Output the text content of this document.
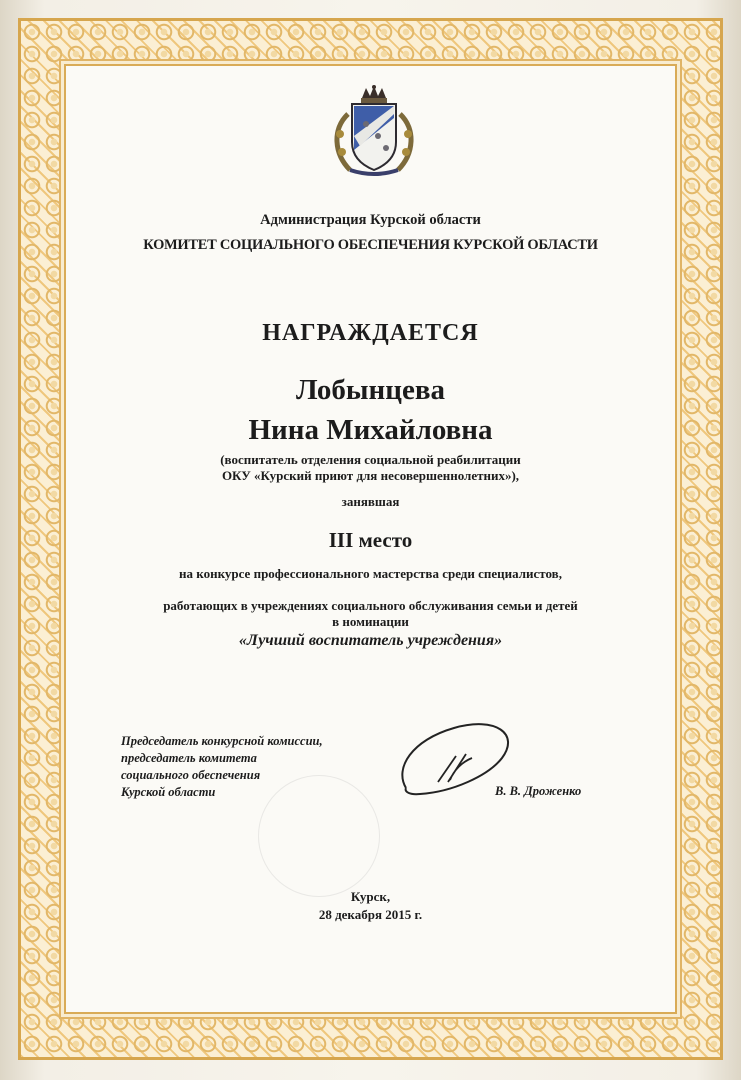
Администрация Курской области
КОМИТЕТ СОЦИАЛЬНОГО ОБЕСПЕЧЕНИЯ КУРСКОЙ ОБЛАСТИ
НАГРАЖДАЕТСЯ
Лобынцева
Нина Михайловна
(воспитатель отделения социальной реабилитации
ОКУ «Курский приют для несовершеннолетних»),
занявшая
III место
на конкурсе профессионального мастерства среди специалистов,
работающих в учреждениях социального обслуживания семьи и детей
в номинации
«Лучший воспитатель учреждения»
Председатель конкурсной комиссии,
председатель комитета
социального обеспечения
Курской области	В. В. Дроженко
Курск,
28 декабря 2015 г.
